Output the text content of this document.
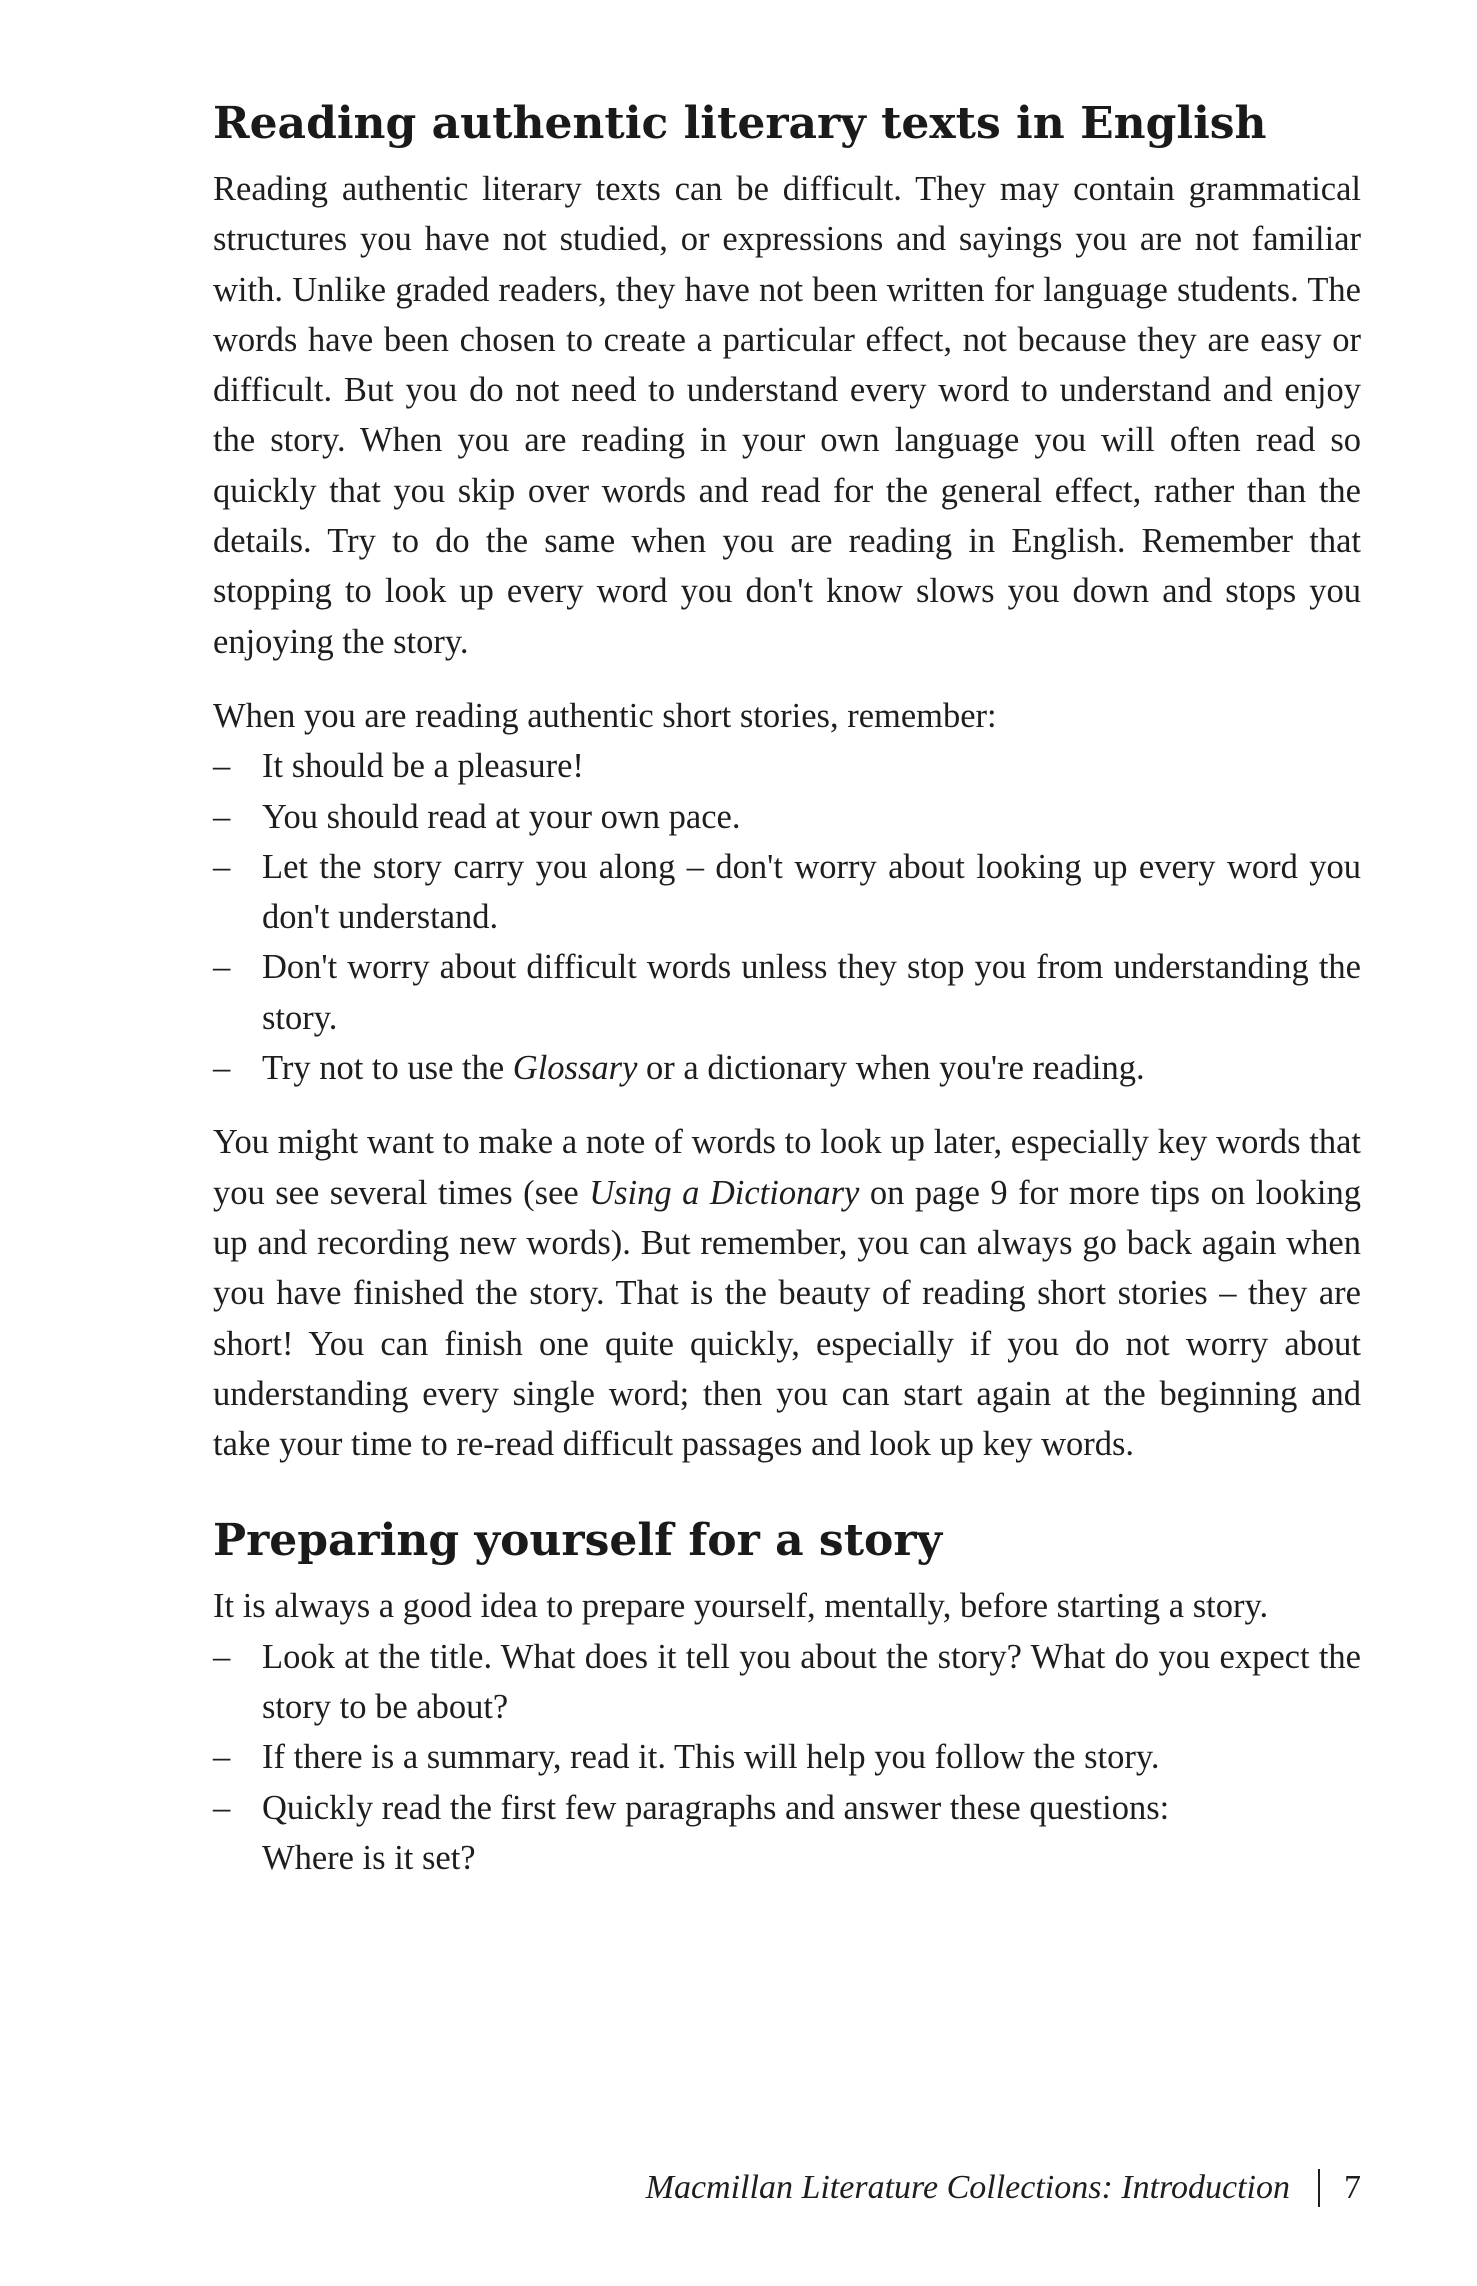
Reading authentic literary texts in English

Reading authentic literary texts can be difficult. They may contain grammatical structures you have not studied, or expressions and sayings you are not familiar with. Unlike graded readers, they have not been written for language students. The words have been chosen to create a particular effect, not because they are easy or difficult. But you do not need to understand every word to understand and enjoy the story. When you are reading in your own language you will often read so quickly that you skip over words and read for the general effect, rather than the details. Try to do the same when you are reading in English. Remember that stopping to look up every word you don't know slows you down and stops you enjoying the story.

When you are reading authentic short stories, remember:

– It should be a pleasure!
– You should read at your own pace.
– Let the story carry you along – don't worry about looking up every word you don't understand.
– Don't worry about difficult words unless they stop you from understanding the story.
– Try not to use the Glossary or a dictionary when you're reading.

You might want to make a note of words to look up later, especially key words that you see several times (see Using a Dictionary on page 9 for more tips on looking up and recording new words). But remember, you can always go back again when you have finished the story. That is the beauty of reading short stories – they are short! You can finish one quite quickly, especially if you do not worry about understanding every single word; then you can start again at the beginning and take your time to re-read difficult passages and look up key words.

Preparing yourself for a story

It is always a good idea to prepare yourself, mentally, before starting a story.

– Look at the title. What does it tell you about the story? What do you expect the story to be about?
– If there is a summary, read it. This will help you follow the story.
– Quickly read the first few paragraphs and answer these questions:
Where is it set?
Macmillan Literature Collections: Introduction 7
